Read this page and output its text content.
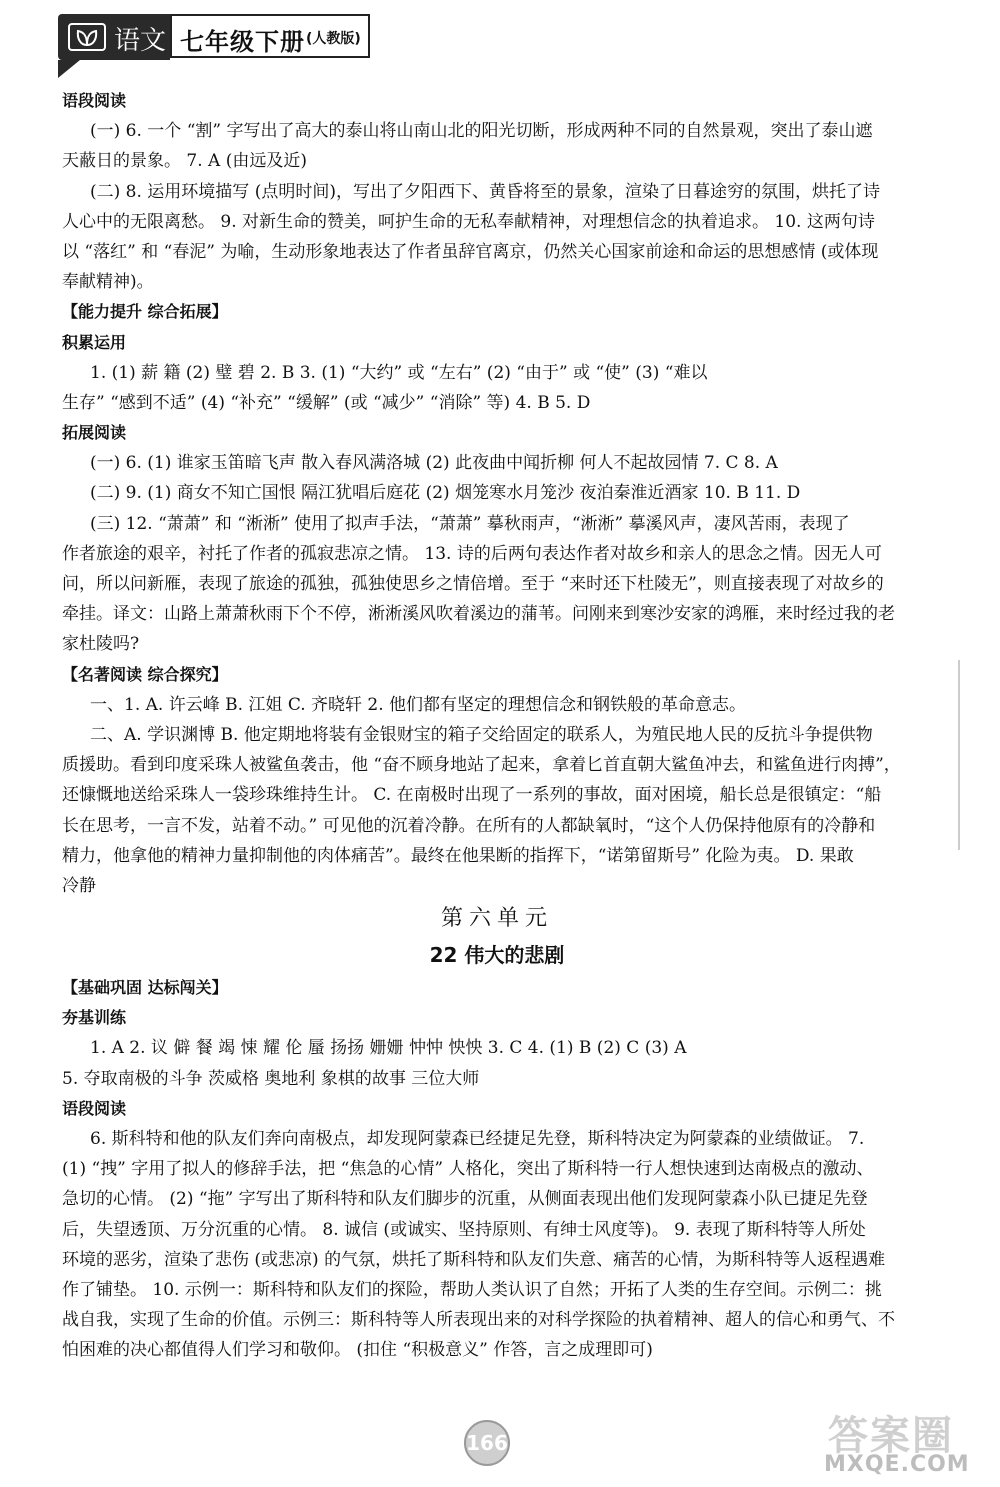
语文 七年级下册 (人教版)
语段阅读
(一) 6. 一个 “割” 字写出了高大的泰山将山南山北的阳光切断，形成两种不同的自然景观，突出了泰山遮
天蔽日的景象。 7. A (由远及近)
(二) 8. 运用环境描写 (点明时间)，写出了夕阳西下、黄昏将至的景象，渲染了日暮途穷的氛围，烘托了诗
人心中的无限离愁。 9. 对新生命的赞美，呵护生命的无私奉献精神，对理想信念的执着追求。 10. 这两句诗
以 “落红” 和 “春泥” 为喻，生动形象地表达了作者虽辞官离京，仍然关心国家前途和命运的思想感情 (或体现
奉献精神)。
【能力提升 综合拓展】
积累运用
1. (1) 薪 籍 (2) 璧 碧 2. B 3. (1) “大约” 或 “左右” (2) “由于” 或 “使” (3) “难以
生存” “感到不适” (4) “补充” “缓解” (或 “减少” “消除” 等) 4. B 5. D
拓展阅读
(一) 6. (1) 谁家玉笛暗飞声 散入春风满洛城 (2) 此夜曲中闻折柳 何人不起故园情 7. C 8. A
(二) 9. (1) 商女不知亡国恨 隔江犹唱后庭花 (2) 烟笼寒水月笼沙 夜泊秦淮近酒家 10. B 11. D
(三) 12. “萧萧” 和 “淅淅” 使用了拟声手法，“萧萧” 摹秋雨声，“淅淅” 摹溪风声，凄风苦雨，表现了
作者旅途的艰辛，衬托了作者的孤寂悲凉之情。 13. 诗的后两句表达作者对故乡和亲人的思念之情。因无人可
问，所以问新雁，表现了旅途的孤独，孤独使思乡之情倍增。至于 “来时还下杜陵无”，则直接表现了对故乡的
牵挂。译文：山路上萧萧秋雨下个不停，淅淅溪风吹着溪边的蒲苇。问刚来到寒沙安家的鸿雁，来时经过我的老
家杜陵吗?
【名著阅读 综合探究】
一、1. A. 许云峰 B. 江姐 C. 齐晓轩 2. 他们都有坚定的理想信念和钢铁般的革命意志。
二、A. 学识渊博 B. 他定期地将装有金银财宝的箱子交给固定的联系人，为殖民地人民的反抗斗争提供物
质援助。看到印度采珠人被鲨鱼袭击，他 “奋不顾身地站了起来，拿着匕首直朝大鲨鱼冲去，和鲨鱼进行肉搏”，
还慷慨地送给采珠人一袋珍珠维持生计。 C. 在南极时出现了一系列的事故，面对困境，船长总是很镇定：“船
长在思考，一言不发，站着不动。” 可见他的沉着冷静。在所有的人都缺氧时，“这个人仍保持他原有的冷静和
精力，他拿他的精神力量抑制他的肉体痛苦”。最终在他果断的指挥下，“诺第留斯号” 化险为夷。 D. 果敢
冷静
第六单元
22 伟大的悲剧
【基础巩固 达标闯关】
夯基训练
1. A 2. 议 僻 餐 竭 悚 耀 伦 蜃 扬扬 姗姗 忡忡 怏怏 3. C 4. (1) B (2) C (3) A
5. 夺取南极的斗争 茨威格 奥地利 象棋的故事 三位大师
语段阅读
6. 斯科特和他的队友们奔向南极点，却发现阿蒙森已经捷足先登，斯科特决定为阿蒙森的业绩做证。 7.
(1) “拽” 字用了拟人的修辞手法，把 “焦急的心情” 人格化，突出了斯科特一行人想快速到达南极点的激动、
急切的心情。 (2) “拖” 字写出了斯科特和队友们脚步的沉重，从侧面表现出他们发现阿蒙森小队已捷足先登
后，失望透顶、万分沉重的心情。 8. 诚信 (或诚实、坚持原则、有绅士风度等)。 9. 表现了斯科特等人所处
环境的恶劣，渲染了悲伤 (或悲凉) 的气氛，烘托了斯科特和队友们失意、痛苦的心情，为斯科特等人返程遇难
作了铺垫。 10. 示例一：斯科特和队友们的探险，帮助人类认识了自然；开拓了人类的生存空间。示例二：挑
战自我，实现了生命的价值。示例三：斯科特等人所表现出来的对科学探险的执着精神、超人的信心和勇气、不
怕困难的决心都值得人们学习和敬仰。 (扣住 “积极意义” 作答，言之成理即可)
166	答案圈
MXQE.COM
